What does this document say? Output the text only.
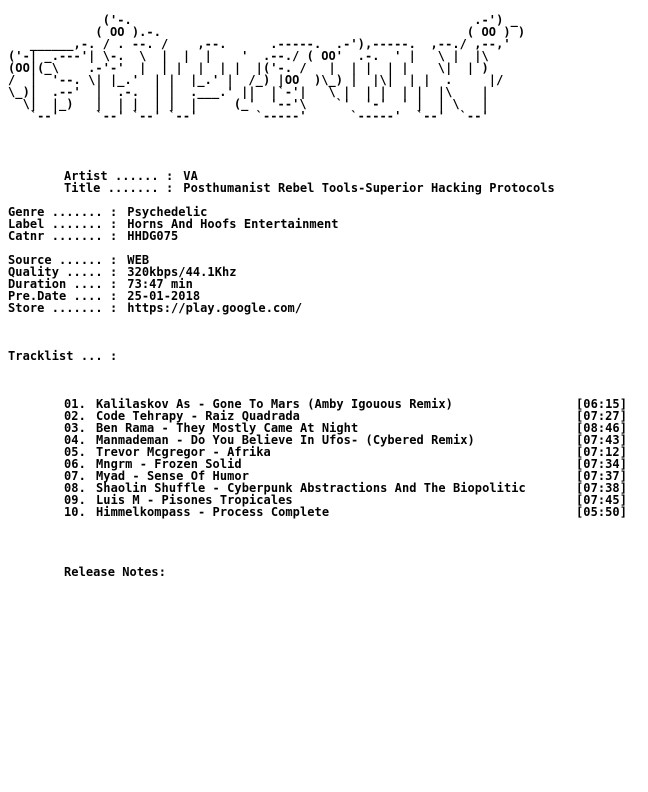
('-.                                               .-') _
( OO ).-.                                          ( OO ) )
______,-. / . --. /    ,--.      .-----.  .-'),-----.  ,--./ ,--,'
('-| _.---'| \-.  \  |  |  |    '  .--./ ( OO'  .-.  ' |   \ |  |\
(OO|(_\    .-'-'  |  | |  |  | |  |('-. /   |  | |  | |    \|  | )
/  |  '--. \| |_.'  | |  |_.' |  /_) |OO  )\_) |  |\|  | |  .     |/
\_)|  .--'  |  .-.  | |  .___.' ||  |`-'|   \ |  | |  | |  |\    |
\|  |_)   |  | |  | |  |     (_'  '--'\    `'  '-'  ' |  | \   |
`--'     `--' `--' `--'        `-----'      `-----'  `--'  `--'
Artist ...... : VA
Title ....... : Posthumanist Rebel Tools-Superior Hacking Protocols
Genre ....... : Psychedelic
Label ....... : Horns And Hoofs Entertainment
Catnr ....... : HHDG075
Source ...... : WEB
Quality ..... : 320kbps/44.1Khz
Duration .... : 73:47 min
Pre.Date .... : 25-01-2018
Store ....... : https://play.google.com/
Tracklist ... :
01. Kalilaskov As - Gone To Mars (Amby Igouous Remix)	[06:15]
02. Code Tehrapy - Raiz Quadrada	[07:27]
03. Ben Rama - They Mostly Came At Night	[08:46]
04. Manmademan - Do You Believe In Ufos- (Cybered Remix)	[07:43]
05. Trevor Mcgregor - Afrika	[07:12]
06. Mngrm - Frozen Solid	[07:34]
07. Myad - Sense Of Humor	[07:37]
08. Shaolin Shuffle - Cyberpunk Abstractions And The Biopolitic	[07:38]
09. Luis M - Pisones Tropicales	[07:45]
10. Himmelkompass - Process Complete	[05:50]
Release Notes:
